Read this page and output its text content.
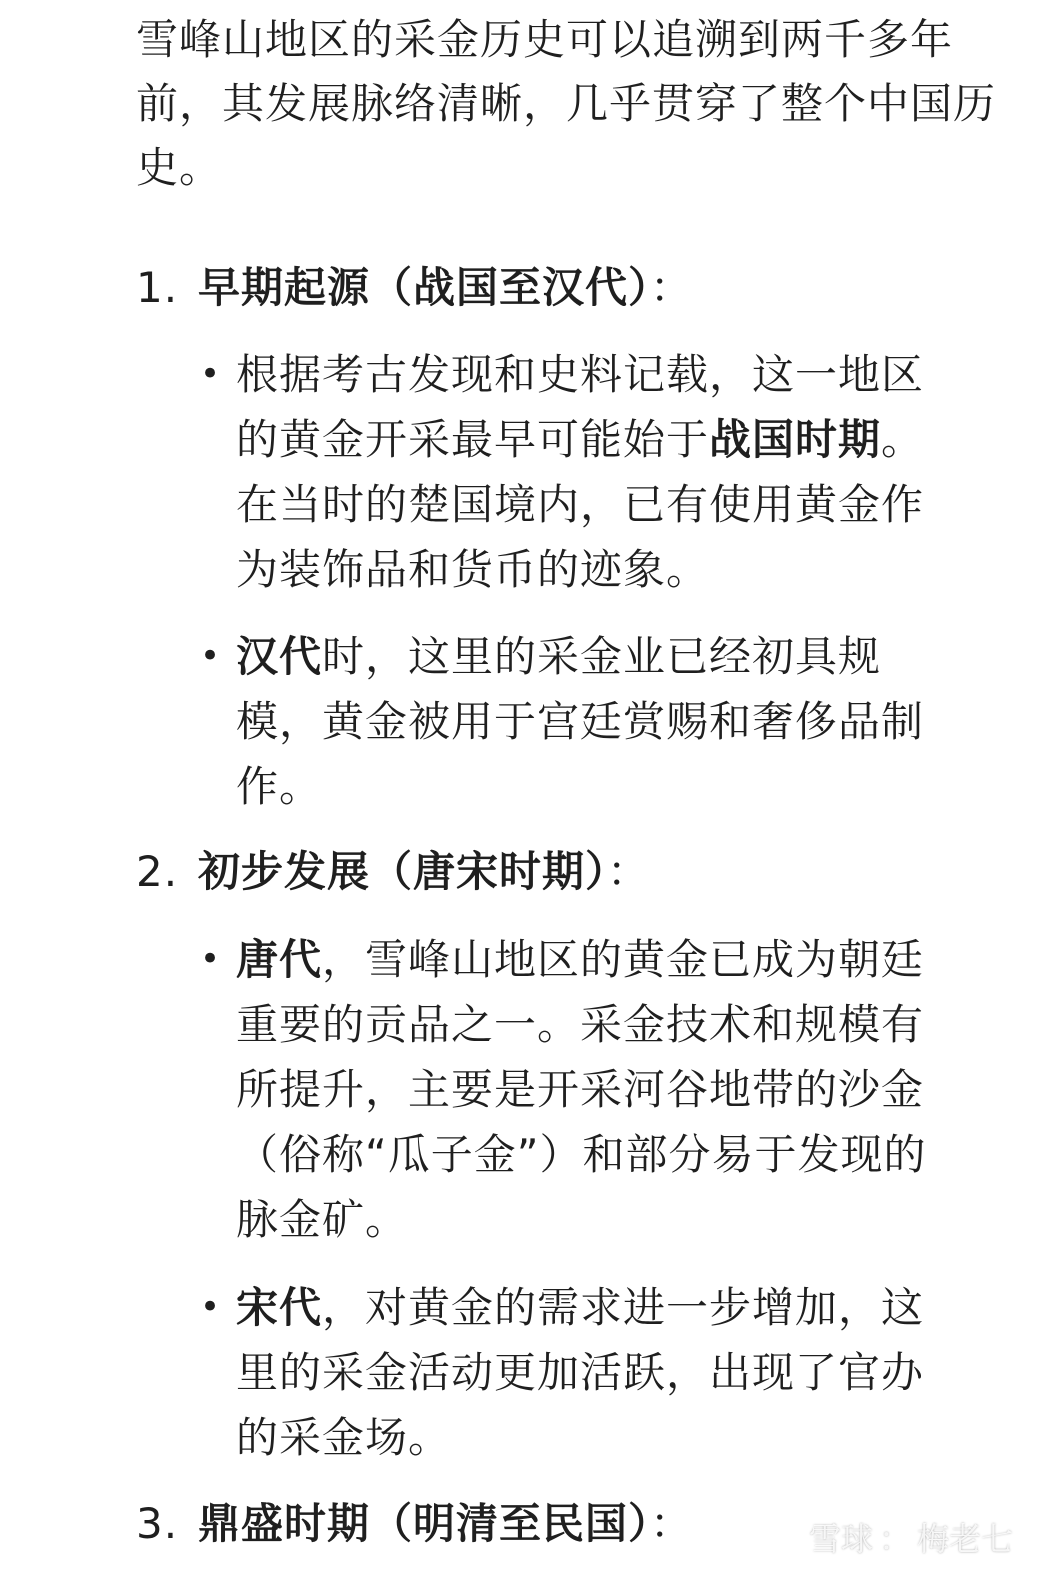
雪峰山地区的采金历史可以追溯到两千多年前，其发展脉络清晰，几乎贯穿了整个中国历史。

1. 早期起源（战国至汉代）：
• 根据考古发现和史料记载，这一地区的黄金开采最早可能始于战国时期。在当时的楚国境内，已有使用黄金作为装饰品和货币的迹象。
• 汉代时，这里的采金业已经初具规模，黄金被用于宫廷赏赐和奢侈品制作。
2. 初步发展（唐宋时期）：
• 唐代，雪峰山地区的黄金已成为朝廷重要的贡品之一。采金技术和规模有所提升，主要是开采河谷地带的沙金（俗称“瓜子金”）和部分易于发现的脉金矿。
• 宋代，对黄金的需求进一步增加，这里的采金活动更加活跃，出现了官办的采金场。
3. 鼎盛时期（明清至民国）：	雪球 ： 梅老七
